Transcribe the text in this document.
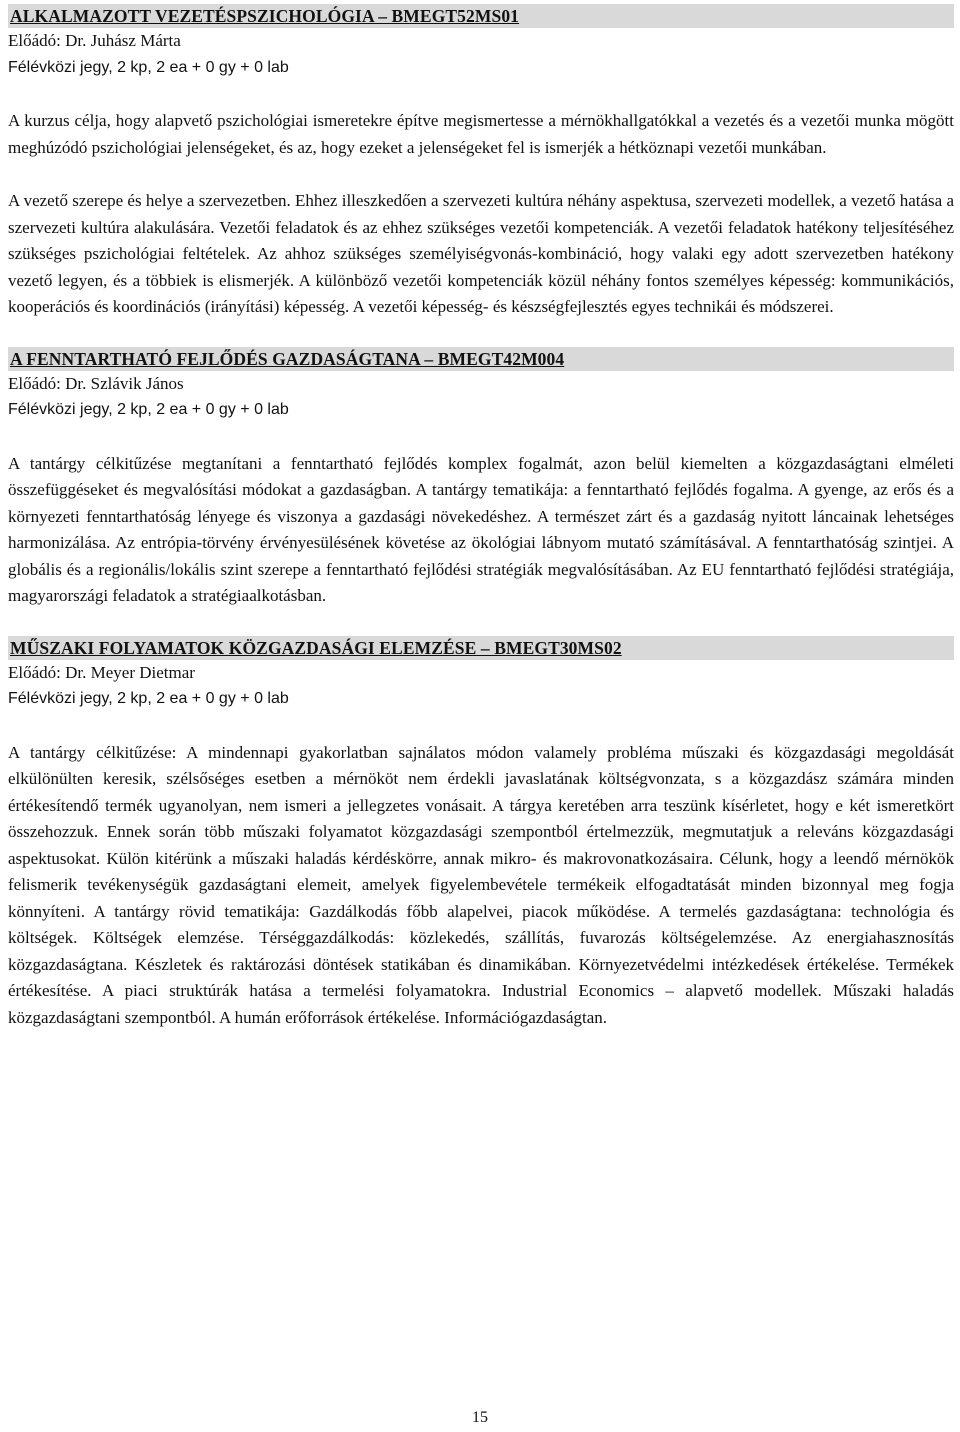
ALKALMAZOTT VEZETÉSPSZICHOLÓGIA – BMEGT52MS01
Előádó: Dr. Juhász Márta
Félévközi jegy, 2 kp, 2 ea + 0 gy + 0 lab

A kurzus célja, hogy alapvető pszichológiai ismeretekre építve megismertesse a mérnökhallgatókkal a vezetés és a vezetői munka mögött meghúzódó pszichológiai jelenségeket, és az, hogy ezeket a jelenségeket fel is ismerjék a hétköznapi vezetői munkában.

A vezető szerepe és helye a szervezetben. Ehhez illeszkedően a szervezeti kultúra néhány aspektusa, szervezeti modellek, a vezető hatása a szervezeti kultúra alakulására. Vezetői feladatok és az ehhez szükséges vezetői kompetenciák. A vezetői feladatok hatékony teljesítéséhez szükséges pszichológiai feltételek. Az ahhoz szükséges személyiségvonás-kombináció, hogy valaki egy adott szervezetben hatékony vezető legyen, és a többiek is elismerjék. A különböző vezetői kompetenciák közül néhány fontos személyes képesség: kommunikációs, kooperációs és koordinációs (irányítási) képesség. A vezetői képesség- és készségfejlesztés egyes technikái és módszerei.

A FENNTARTHATÓ FEJLŐDÉS GAZDASÁGTANA – BMEGT42M004
Előádó: Dr. Szlávik János
Félévközi jegy, 2 kp, 2 ea + 0 gy + 0 lab

A tantárgy célkitűzése megtanítani a fenntartható fejlődés komplex fogalmát, azon belül kiemelten a közgazdaságtani elméleti összefüggéseket és megvalósítási módokat a gazdaságban. A tantárgy tematikája: a fenntartható fejlődés fogalma. A gyenge, az erős és a környezeti fenntarthatóság lényege és viszonya a gazdasági növekedéshez. A természet zárt és a gazdaság nyitott láncainak lehetséges harmonizálása. Az entrópia-törvény érvényesülésének követése az ökológiai lábnyom mutató számításával. A fenntarthatóság szintjei. A globális és a regionális/lokális szint szerepe a fenntartható fejlődési stratégiák megvalósításában. Az EU fenntartható fejlődési stratégiája, magyarországi feladatok a stratégiaalkotásban.

MŰSZAKI FOLYAMATOK KÖZGAZDASÁGI ELEMZÉSE – BMEGT30MS02
Előádó: Dr. Meyer Dietmar
Félévközi jegy, 2 kp, 2 ea + 0 gy + 0 lab

A tantárgy célkitűzése: A mindennapi gyakorlatban sajnálatos módon valamely probléma műszaki és közgazdasági megoldását elkülönülten keresik, szélsőséges esetben a mérnököt nem érdekli javaslatának költségvonzata, s a közgazdász számára minden értékesítendő termék ugyanolyan, nem ismeri a jellegzetes vonásait. A tárgya keretében arra teszünk kísérletet, hogy e két ismeretkört összehozzuk. Ennek során több műszaki folyamatot közgazdasági szempontból értelmezzük, megmutatjuk a releváns közgazdasági aspektusokat. Külön kitérünk a műszaki haladás kérdéskörre, annak mikro- és makrovonatkozásaira. Célunk, hogy a leendő mérnökök felismerik tevékenységük gazdaságtani elemeit, amelyek figyelembevétele termékeik elfogadtatását minden bizonnyal meg fogja könnyíteni. A tantárgy rövid tematikája: Gazdálkodás főbb alapelvei, piacok működése. A termelés gazdaságtana: technológia és költségek. Költségek elemzése. Térséggazdálkodás: közlekedés, szállítás, fuvarozás költségelemzése. Az energiahasznosítás közgazdaságtana. Készletek és raktározási döntések statikában és dinamikában. Környezetvédelmi intézkedések értékelése. Termékek értékesítése. A piaci struktúrák hatása a termelési folyamatokra. Industrial Economics – alapvető modellek. Műszaki haladás közgazdaságtani szempontból. A humán erőforrások értékelése. Információgazdaságtan.

15
